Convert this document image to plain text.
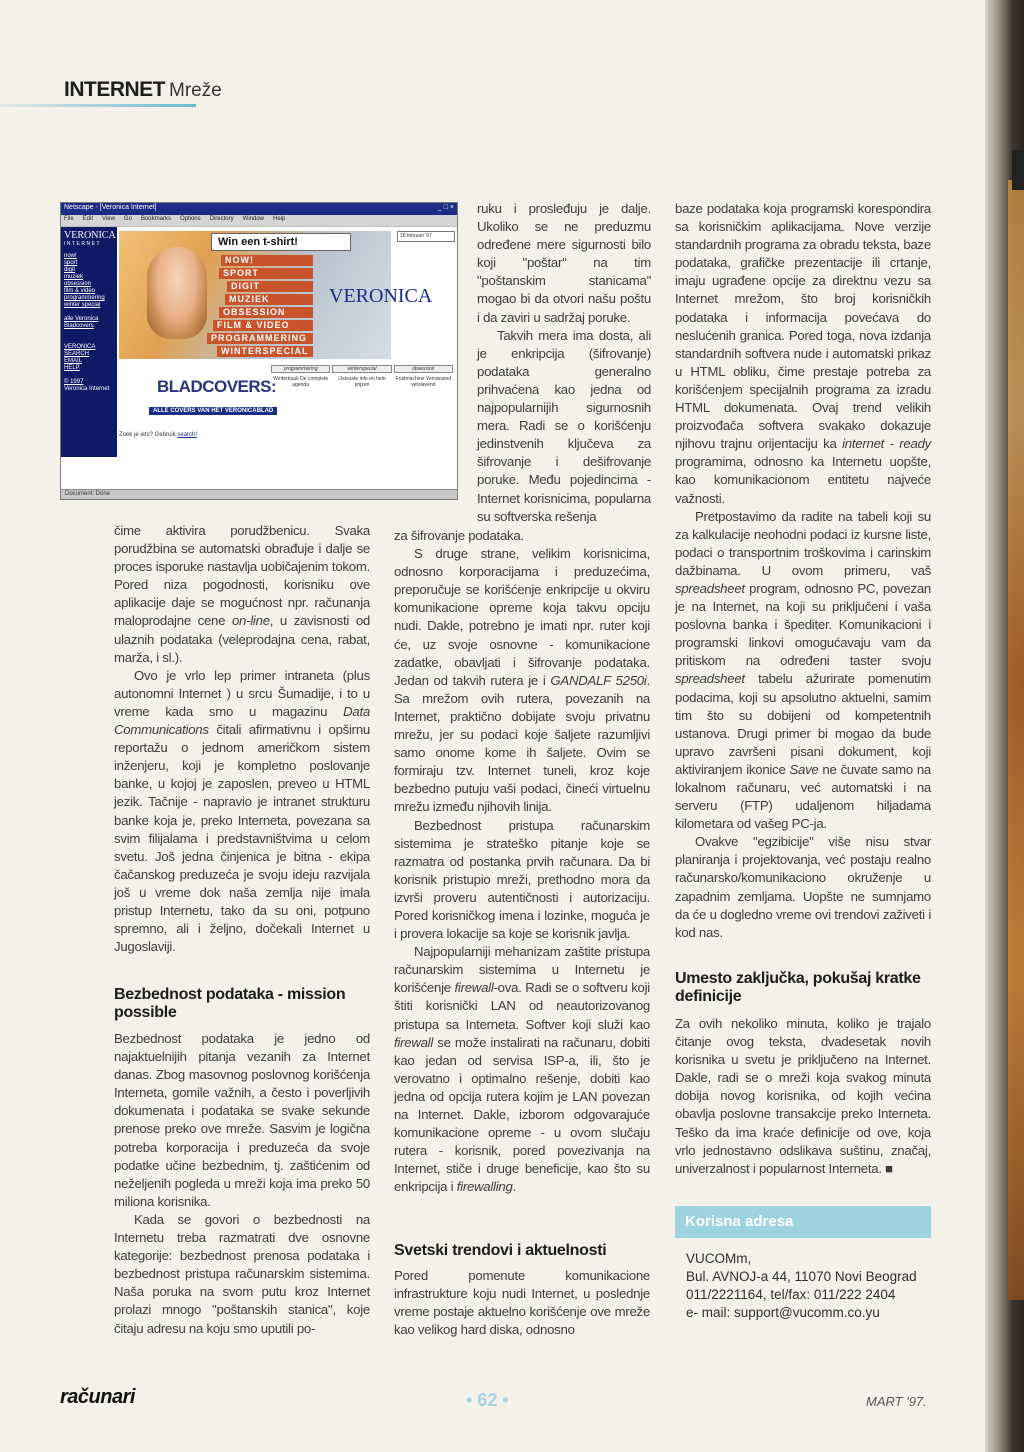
INTERNET Mreže
Netscape - [Veronica Internet]	_ □ ×
File Edit View Go Bookmarks Options Directory Window Help
VERONICA
INTERNET
now!
sport
digit
muziek
obsession
film & video
programmering
winter special
alle Veronica
Bladcovers
VERONICA
SEARCH
EMAIL
HELP
© 1997
Veronica Internet
Win een t-shirt!
NOW!
SPORT
DIGIT
MUZIEK
OBSESSION
FILM & VIDEO
PROGRAMMERING
WINTERSPECIAL
VERONICA
18 februari '97
BLADCOVERS:
ALLE COVERS VAN HET VERONICABLAD
programmering
Wintertruuk De complete agenda
winterspecial
IJskoude info en hete prijzen
obsession
Fruitmachine Verrassend verslavend
Zoek je iets? Gebruik search!
Document: Done

ruku i prosleđuju je dalje. Ukoliko se ne preduzmu određene mere sigurnosti bilo koji "poštar" na tim "poštanskim stanicama" mogao bi da otvori našu poštu i da zaviri u sadržaj poruke.

Takvih mera ima dosta, ali je enkripcija (šifrovanje) podataka generalno prihvaćena kao jedna od najpopularnijih sigurnosnih mera. Radi se o korišćenju jedinstvenih ključeva za šifrovanje i dešifrovanje poruke. Među pojedincima - Internet korisnicima, popularna su softverska rešenja

čime aktivira porudžbenicu. Svaka porudžbina se automatski obrađuje i dalje se proces isporuke nastavlja uobičajenim tokom. Pored niza pogodnosti, korisniku ove aplikacije daje se mogućnost npr. računanja maloprodajne cene on-line, u zavisnosti od ulaznih podataka (veleprodajna cena, rabat, marža, i sl.).

Ovo je vrlo lep primer intraneta (plus autonomni Internet ) u srcu Šumadije, i to u vreme kada smo u magazinu Data Communications čitali afirmativnu i opširnu reportažu o jednom američkom sistem inženjeru, koji je kompletno poslovanje banke, u kojoj je zaposlen, preveo u HTML jezik. Tačnije - napravio je intranet strukturu banke koja je, preko Interneta, povezana sa svim filijalama i predstavništvima u celom svetu. Još jedna činjenica je bitna - ekipa čačanskog preduzeća je svoju ideju razvijala još u vreme dok naša zemlja nije imala pristup Internetu, tako da su oni, potpuno spremno, ali i željno, dočekali Internet u Jugoslaviji.

Bezbednost podataka - mission possible

Bezbednost podataka je jedno od najaktuelnijih pitanja vezanih za Internet danas. Zbog masovnog poslovnog korišćenja Interneta, gomile važnih, a često i poverljivih dokumenata i podataka se svake sekunde prenose preko ove mreže. Sasvim je logična potreba korporacija i preduzeća da svoje podatke učine bezbednim, tj. zaštićenim od neželjenih pogleda u mreži koja ima preko 50 miliona korisnika.

Kada se govori o bezbednosti na Internetu treba razmatrati dve osnovne kategorije: bezbednost prenosa podataka i bezbednost pristupa računarskim sistemima. Naša poruka na svom putu kroz Internet prolazi mnogo "poštanskih stanica", koje čitaju adresu na koju smo uputili po-

za šifrovanje podataka.

S druge strane, velikim korisnicima, odnosno korporacijama i preduzećima, preporučuje se korišćenje enkripcije u okviru komunikacione opreme koja takvu opciju nudi. Dakle, potrebno je imati npr. ruter koji će, uz svoje osnovne - komunikacione zadatke, obavljati i šifrovanje podataka. Jedan od takvih rutera je i GANDALF 5250i. Sa mrežom ovih rutera, povezanih na Internet, praktično dobijate svoju privatnu mrežu, jer su podaci koje šaljete razumljivi samo onome kome ih šaljete. Ovim se formiraju tzv. Internet tuneli, kroz koje bezbedno putuju vaši podaci, čineći virtuelnu mrežu između njihovih linija.

Bezbednost pristupa računarskim sistemima je strateško pitanje koje se razmatra od postanka prvih računara. Da bi korisnik pristupio mreži, prethodno mora da izvrši proveru autentičnosti i autorizaciju. Pored korisničkog imena i lozinke, moguća je i provera lokacije sa koje se korisnik javlja.

Najpopularniji mehanizam zaštite pristupa računarskim sistemima u Internetu je korišćenje firewall-ova. Radi se o softveru koji štiti korisnički LAN od neautorizovanog pristupa sa Interneta. Softver koji služi kao firewall se može instalirati na računaru, dobiti kao jedan od servisa ISP-a, ili, što je verovatno i optimalno rešenje, dobiti kao jedna od opcija rutera kojim je LAN povezan na Internet. Dakle, izborom odgovarajuće komunikacione opreme - u ovom slučaju rutera - korisnik, pored povezivanja na Internet, stiče i druge beneficije, kao što su enkripcija i firewalling.

Svetski trendovi i aktuelnosti

Pored pomenute komunikacione infrastrukture koju nudi Internet, u poslednje vreme postaje aktuelno korišćenje ove mreže kao velikog hard diska, odnosno

baze podataka koja programski korespondira sa korisničkim aplikacijama. Nove verzije standardnih programa za obradu teksta, baze podataka, grafičke prezentacije ili crtanje, imaju ugrađene opcije za direktnu vezu sa Internet mrežom, što broj korisničkih podataka i informacija povećava do neslućenih granica. Pored toga, nova izdanja standardnih softvera nude i automatski prikaz u HTML obliku, čime prestaje potreba za korišćenjem specijalnih programa za izradu HTML dokumenata. Ovaj trend velikih proizvođača softvera svakako dokazuje njihovu trajnu orijentaciju ka internet - ready programima, odnosno ka Internetu uopšte, kao komunikacionom entitetu najveće važnosti.

Pretpostavimo da radite na tabeli koji su za kalkulacije neohodni podaci iz kursne liste, podaci o transportnim troškovima i carinskim dažbinama. U ovom primeru, vaš spreadsheet program, odnosno PC, povezan je na Internet, na koji su priključeni i vaša poslovna banka i špediter. Komunikacioni i programski linkovi omogućavaju vam da pritiskom na određeni taster svoju spreadsheet tabelu ažurirate pomenutim podacima, koji su apsolutno aktuelni, samim tim što su dobijeni od kompetentnih ustanova. Drugi primer bi mogao da bude upravo završeni pisani dokument, koji aktiviranjem ikonice Save ne čuvate samo na lokalnom računaru, već automatski i na serveru (FTP) udaljenom hiljadama kilometara od vašeg PC-ja.

Ovakve "egzibicije" više nisu stvar planiranja i projektovanja, već postaju realno računarsko/komunikaciono okruženje u zapadnim zemljama. Uopšte ne sumnjamo da će u dogledno vreme ovi trendovi zaživeti i kod nas.

Umesto zaključka, pokušaj kratke definicije

Za ovih nekoliko minuta, koliko je trajalo čitanje ovog teksta, dvadesetak novih korisnika u svetu je priključeno na Internet. Dakle, radi se o mreži koja svakog minuta dobija novog korisnika, od kojih većina obavlja poslovne transakcije preko Interneta. Teško da ima kraće definicije od ove, koja vrlo jednostavno odslikava suštinu, značaj, univerzalnost i popularnost Interneta. ■

Korisna adresa
VUCOMm,
Bul. AVNOJ-a 44, 11070 Novi Beograd
011/2221164, tel/fax: 011/222 2404
e- mail: support@vucomm.co.yu
računari	• 62 •	MART '97.
